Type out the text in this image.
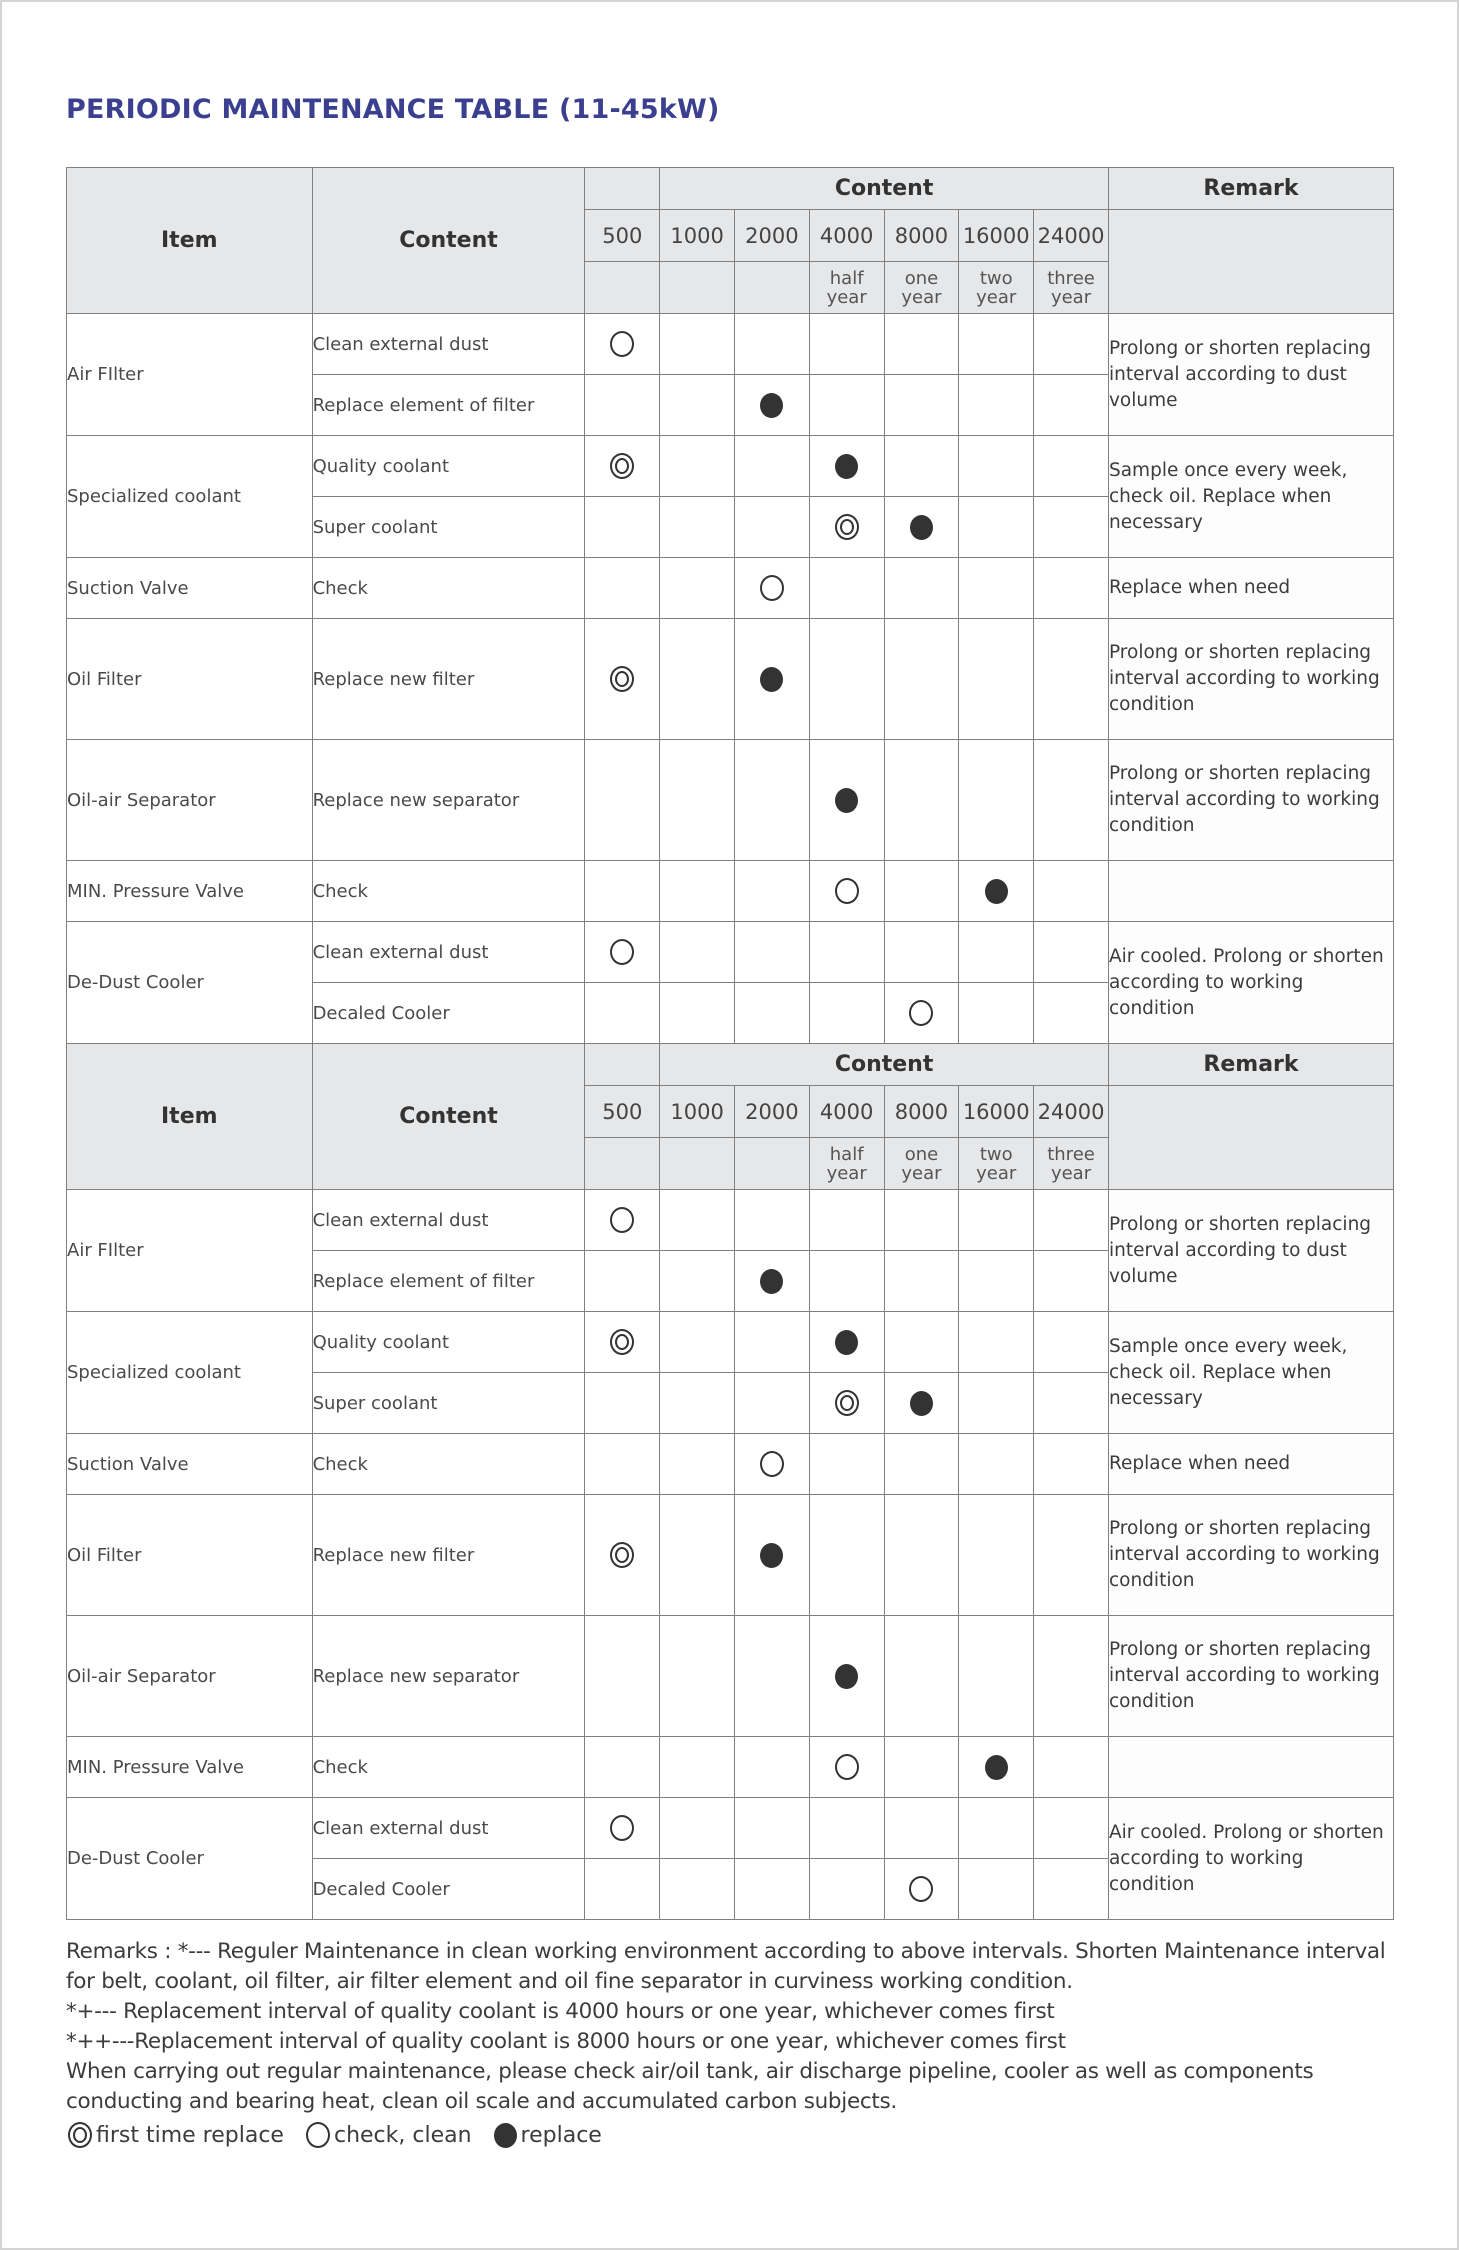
PERIODIC MAINTENANCE TABLE (11-45kW)
Item	Content		Content						Remark
		500	1000	2000	4000	8000	16000	24000	
					half year	one year	two year	three year	
Air FIlter	Clean external dust								Prolong or shorten replacing interval according to dust volume
	Replace element of filter								
Specialized coolant	Quality coolant								Sample once every week, check oil. Replace when necessary
	Super coolant								
Suction Valve	Check								Replace when need
Oil Filter	Replace new filter								Prolong or shorten replacing interval according to working condition
Oil-air Separator	Replace new separator								Prolong or shorten replacing interval according to working condition
MIN. Pressure Valve	Check								
De-Dust Cooler	Clean external dust								Air cooled. Prolong or shorten according to working condition
	Decaled Cooler								
Item	Content		Content						Remark
		500	1000	2000	4000	8000	16000	24000	
					half year	one year	two year	three year	
Air FIlter	Clean external dust								Prolong or shorten replacing interval according to dust volume
	Replace element of filter								
Specialized coolant	Quality coolant								Sample once every week, check oil. Replace when necessary
	Super coolant								
Suction Valve	Check								Replace when need
Oil Filter	Replace new filter								Prolong or shorten replacing interval according to working condition
Oil-air Separator	Replace new separator								Prolong or shorten replacing interval according to working condition
MIN. Pressure Valve	Check								
De-Dust Cooler	Clean external dust								Air cooled. Prolong or shorten according to working condition
	Decaled Cooler								

Remarks : *--- Reguler Maintenance in clean working environment according to above intervals. Shorten Maintenance interval for belt, coolant, oil filter, air filter element and oil fine separator in curviness working condition.

*+--- Replacement interval of quality coolant is 4000 hours or one year, whichever comes first

*++---Replacement interval of quality coolant is 8000 hours or one year, whichever comes first

When carrying out regular maintenance, please check air/oil tank, air discharge pipeline, cooler as well as components conducting and bearing heat, clean oil scale and accumulated carbon subjects.

first time replace check, clean replace
